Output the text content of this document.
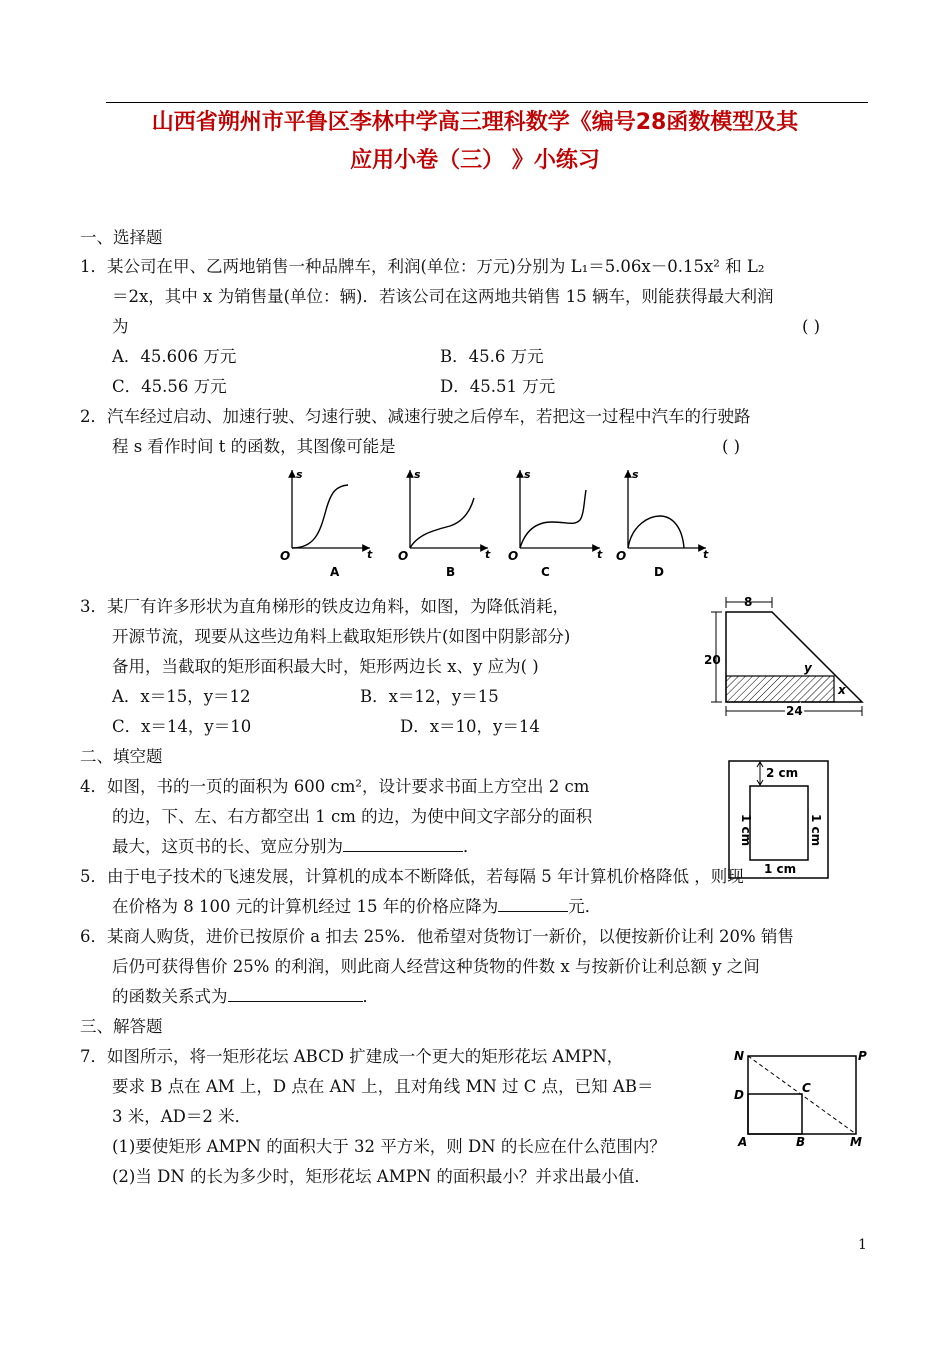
山西省朔州市平鲁区李林中学高三理科数学《编号28函数模型及其
应用小卷（三） 》小练习
一、选择题
1．某公司在甲、乙两地销售一种品牌车，利润(单位：万元)分别为 L₁＝5.06x－0.15x² 和 L₂
＝2x，其中 x 为销售量(单位：辆)．若该公司在这两地共销售 15 辆车，则能获得最大利润
为	( )
A．45.606 万元	B．45.6 万元
C．45.56 万元	D．45.51 万元
2．汽车经过启动、加速行驶、匀速行驶、减速行驶之后停车，若把这一过程中汽车的行驶路
程 s 看作时间 t 的函数，其图像可能是	( )
s
t
O
A
s
t
O
B
s
t
O
C
s
t
O
D
3．某厂有许多形状为直角梯形的铁皮边角料，如图，为降低消耗，
开源节流，现要从这些边角料上截取矩形铁片(如图中阴影部分)
备用，当截取的矩形面积最大时，矩形两边长 x、y 应为( )
A．x＝15，y＝12	B．x＝12，y＝15
C．x＝14，y＝10	D．x＝10，y＝14
8
20
24
y
x
二、填空题
4．如图，书的一页的面积为 600 cm²，设计要求书面上方空出 2 cm
的边，下、左、右方都空出 1 cm 的边，为使中间文字部分的面积
最大，这页书的长、宽应分别为	．
2 cm
1 cm	1 cm
1 cm
5．由于电子技术的飞速发展，计算机的成本不断降低，若每隔 5 年计算机价格降低 ，则现
在价格为 8 100 元的计算机经过 15 年的价格应降为	元．
6．某商人购货，进价已按原价 a 扣去 25%．他希望对货物订一新价，以便按新价让利 20% 销售
后仍可获得售价 25% 的利润，则此商人经营这种货物的件数 x 与按新价让利总额 y 之间
的函数关系式为	．
三、解答题
7．如图所示，将一矩形花坛 ABCD 扩建成一个更大的矩形花坛 AMPN，
要求 B 点在 AM 上，D 点在 AN 上，且对角线 MN 过 C 点，已知 AB＝
3 米，AD＝2 米．
(1)要使矩形 AMPN 的面积大于 32 平方米，则 DN 的长应在什么范围内？
(2)当 DN 的长为多少时，矩形花坛 AMPN 的面积最小？并求出最小值．
N	P
D	C
A	B	M
1
